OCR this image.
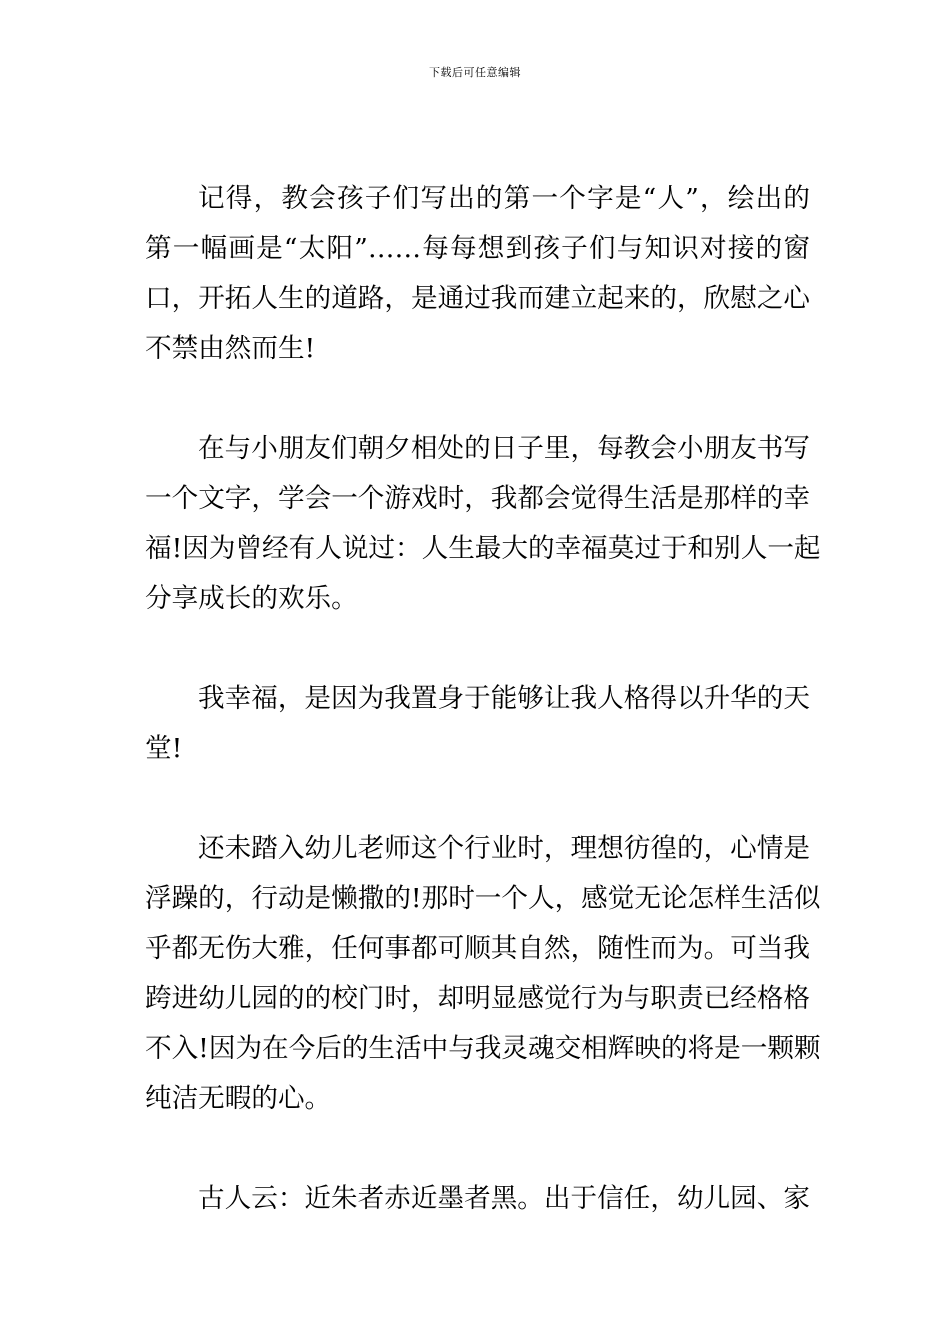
下载后可任意编辑
记得，教会孩子们写出的第一个字是“人”，绘出的
第一幅画是“太阳”……每每想到孩子们与知识对接的窗
口，开拓人生的道路，是通过我而建立起来的，欣慰之心
不禁由然而生!
在与小朋友们朝夕相处的日子里，每教会小朋友书写
一个文字，学会一个游戏时，我都会觉得生活是那样的幸
福!因为曾经有人说过：人生最大的幸福莫过于和别人一起
分享成长的欢乐。
我幸福，是因为我置身于能够让我人格得以升华的天
堂!
还未踏入幼儿老师这个行业时，理想彷徨的，心情是
浮躁的，行动是懒撒的!那时一个人，感觉无论怎样生活似
乎都无伤大雅，任何事都可顺其自然，随性而为。可当我
跨进幼儿园的的校门时，却明显感觉行为与职责已经格格
不入!因为在今后的生活中与我灵魂交相辉映的将是一颗颗
纯洁无暇的心。
古人云：近朱者赤近墨者黑。出于信任，幼儿园、家
